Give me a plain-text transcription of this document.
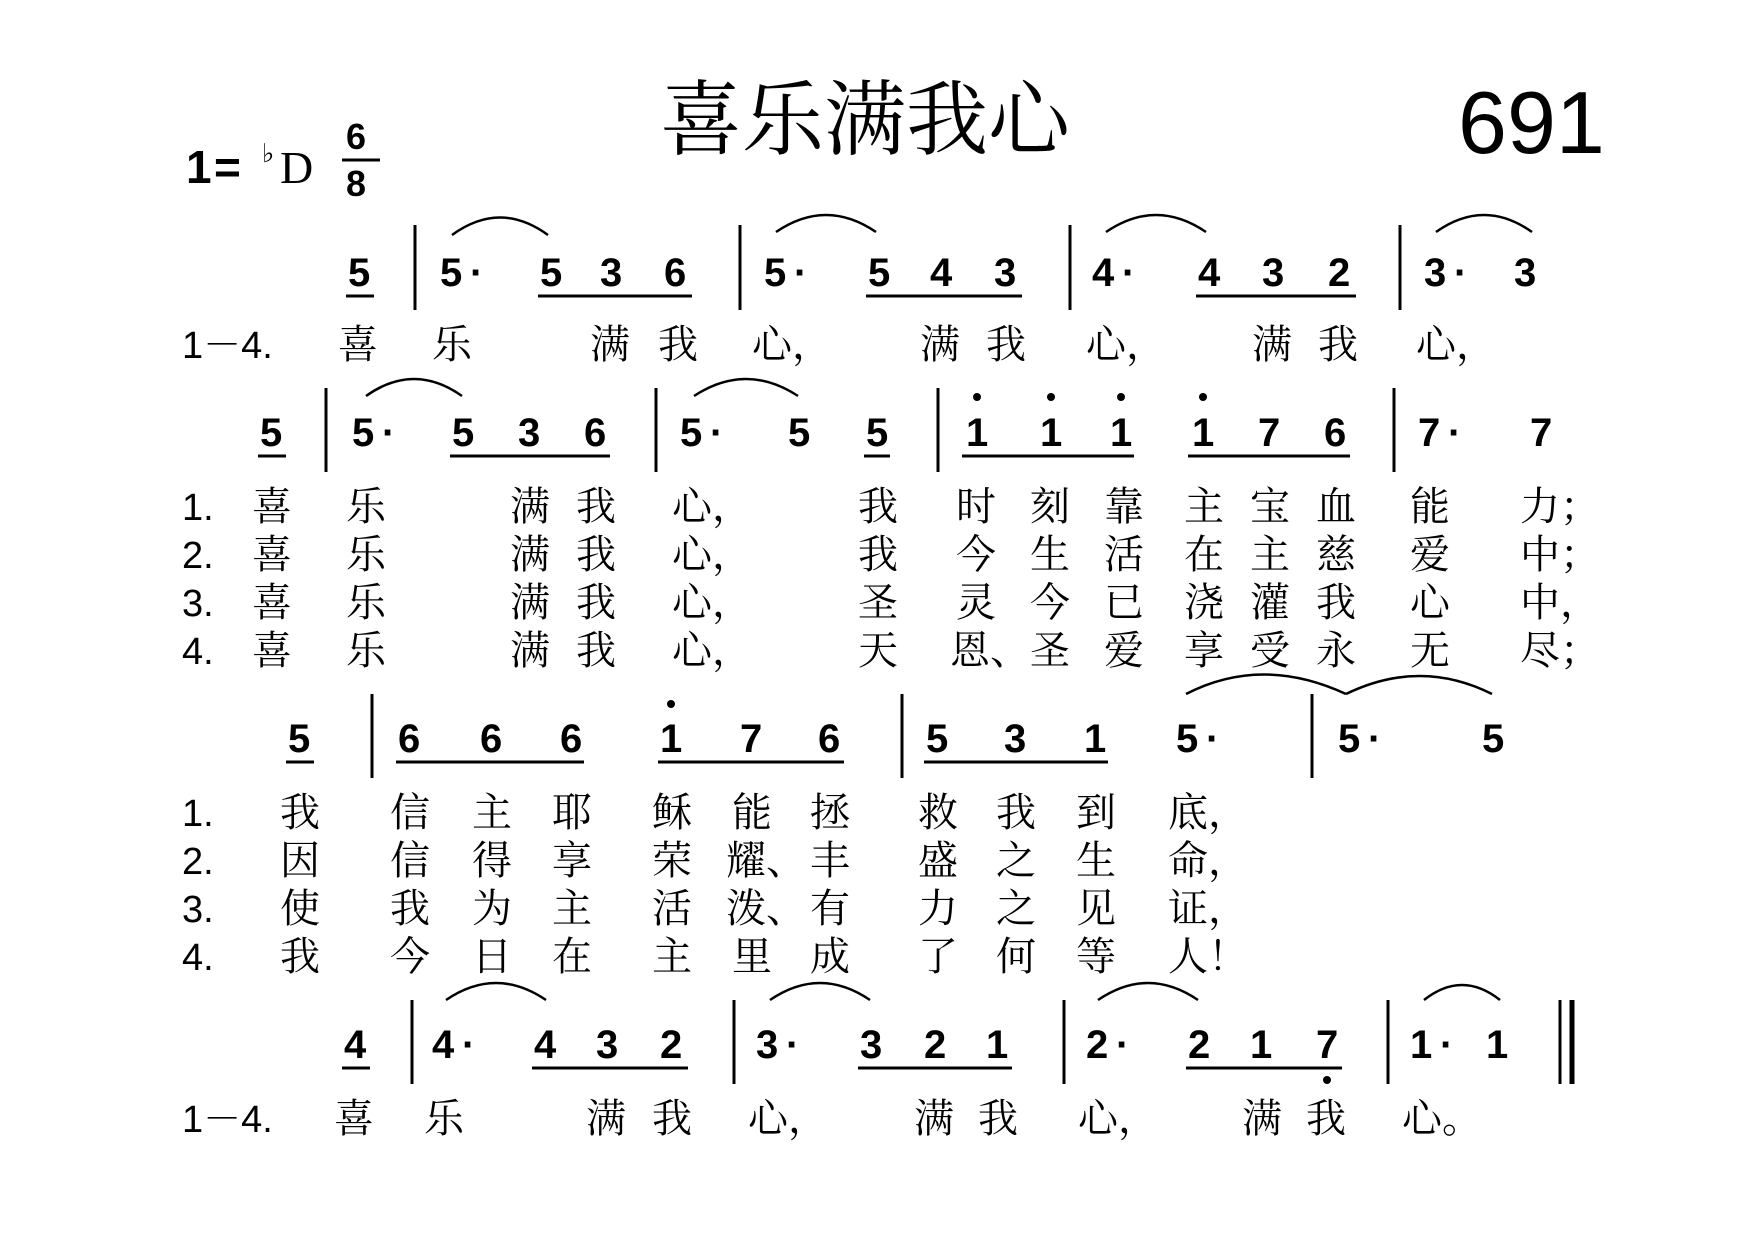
喜乐满我心	691
1 = ♭ D
6
8
5 5 · 5 3 6 5 · 5 4 3 4 · 4 3 2 3 · 3
1－4. 喜 乐	满 我 心， 满 我 心， 满 我 心，
5 5 · 5 3 6 5 · 5 5 1 1 1 1 7 6 7 · 7
1. 喜 乐	满 我 心，	我 时 刻 靠 主 宝 血 能 力；
2. 喜 乐	满 我 心，	我 今 生 活 在 主 慈 爱 中；
3. 喜 乐	满 我 心，	圣 灵 今 已 浇 灌 我 心 中，
4. 喜 乐	满 我 心，	天 恩、 圣 爱 享 受 永 无 尽；
5 6 6 6 1 7 6 5 3 1 5 ·	5 ·	5
1. 我 信 主 耶 稣 能 拯 救 我 到 底，
2. 因 信 得 享 荣 耀、 丰 盛 之 生 命，
3. 使 我 为 主 活 泼、 有 力 之 见 证，
4. 我 今 日 在 主 里 成 了 何 等 人！
4 4 · 4 3 2 3 · 3 2 1 2 · 2 1 7 1 · 1
1－4. 喜 乐	满 我 心， 满 我 心， 满 我 心。
